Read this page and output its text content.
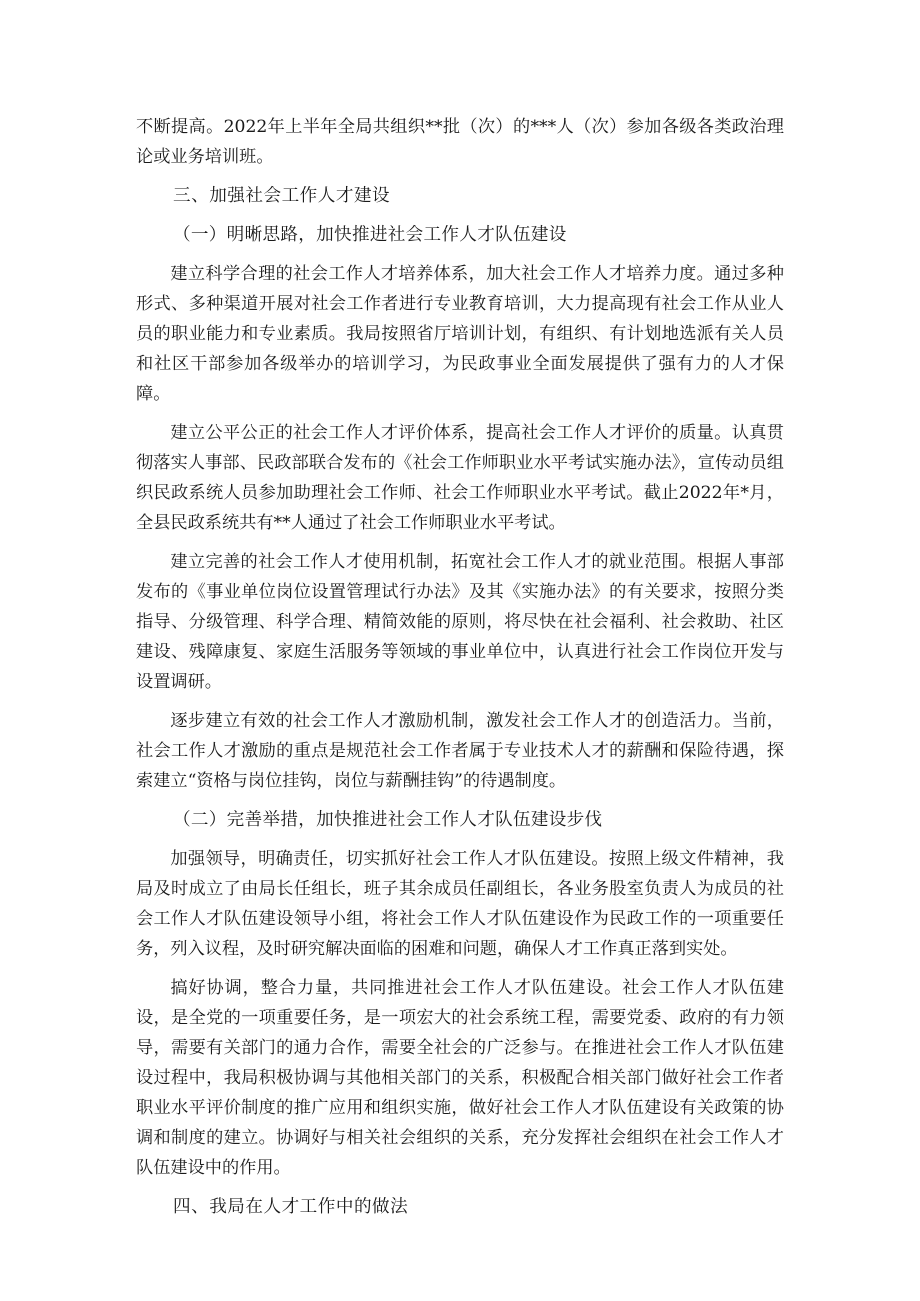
不断提高。2022年上半年全局共组织**批（次）的***人（次）参加各级各类政治理论或业务培训班。

三、加强社会工作人才建设
（一）明晰思路，加快推进社会工作人才队伍建设

建立科学合理的社会工作人才培养体系，加大社会工作人才培养力度。通过多种形式、多种渠道开展对社会工作者进行专业教育培训，大力提高现有社会工作从业人员的职业能力和专业素质。我局按照省厅培训计划，有组织、有计划地选派有关人员和社区干部参加各级举办的培训学习，为民政事业全面发展提供了强有力的人才保障。

建立公平公正的社会工作人才评价体系，提高社会工作人才评价的质量。认真贯彻落实人事部、民政部联合发布的《社会工作师职业水平考试实施办法》，宣传动员组织民政系统人员参加助理社会工作师、社会工作师职业水平考试。截止2022年*月，全县民政系统共有**人通过了社会工作师职业水平考试。

建立完善的社会工作人才使用机制，拓宽社会工作人才的就业范围。根据人事部发布的《事业单位岗位设置管理试行办法》及其《实施办法》的有关要求，按照分类指导、分级管理、科学合理、精简效能的原则，将尽快在社会福利、社会救助、社区建设、残障康复、家庭生活服务等领域的事业单位中，认真进行社会工作岗位开发与设置调研。

逐步建立有效的社会工作人才激励机制，激发社会工作人才的创造活力。当前，社会工作人才激励的重点是规范社会工作者属于专业技术人才的薪酬和保险待遇，探索建立“资格与岗位挂钩，岗位与薪酬挂钩”的待遇制度。

（二）完善举措，加快推进社会工作人才队伍建设步伐

加强领导，明确责任，切实抓好社会工作人才队伍建设。按照上级文件精神，我局及时成立了由局长任组长，班子其余成员任副组长，各业务股室负责人为成员的社会工作人才队伍建设领导小组，将社会工作人才队伍建设作为民政工作的一项重要任务，列入议程，及时研究解决面临的困难和问题，确保人才工作真正落到实处。

搞好协调，整合力量，共同推进社会工作人才队伍建设。社会工作人才队伍建设，是全党的一项重要任务，是一项宏大的社会系统工程，需要党委、政府的有力领导，需要有关部门的通力合作，需要全社会的广泛参与。在推进社会工作人才队伍建设过程中，我局积极协调与其他相关部门的关系，积极配合相关部门做好社会工作者职业水平评价制度的推广应用和组织实施，做好社会工作人才队伍建设有关政策的协调和制度的建立。协调好与相关社会组织的关系，充分发挥社会组织在社会工作人才队伍建设中的作用。

四、我局在人才工作中的做法
